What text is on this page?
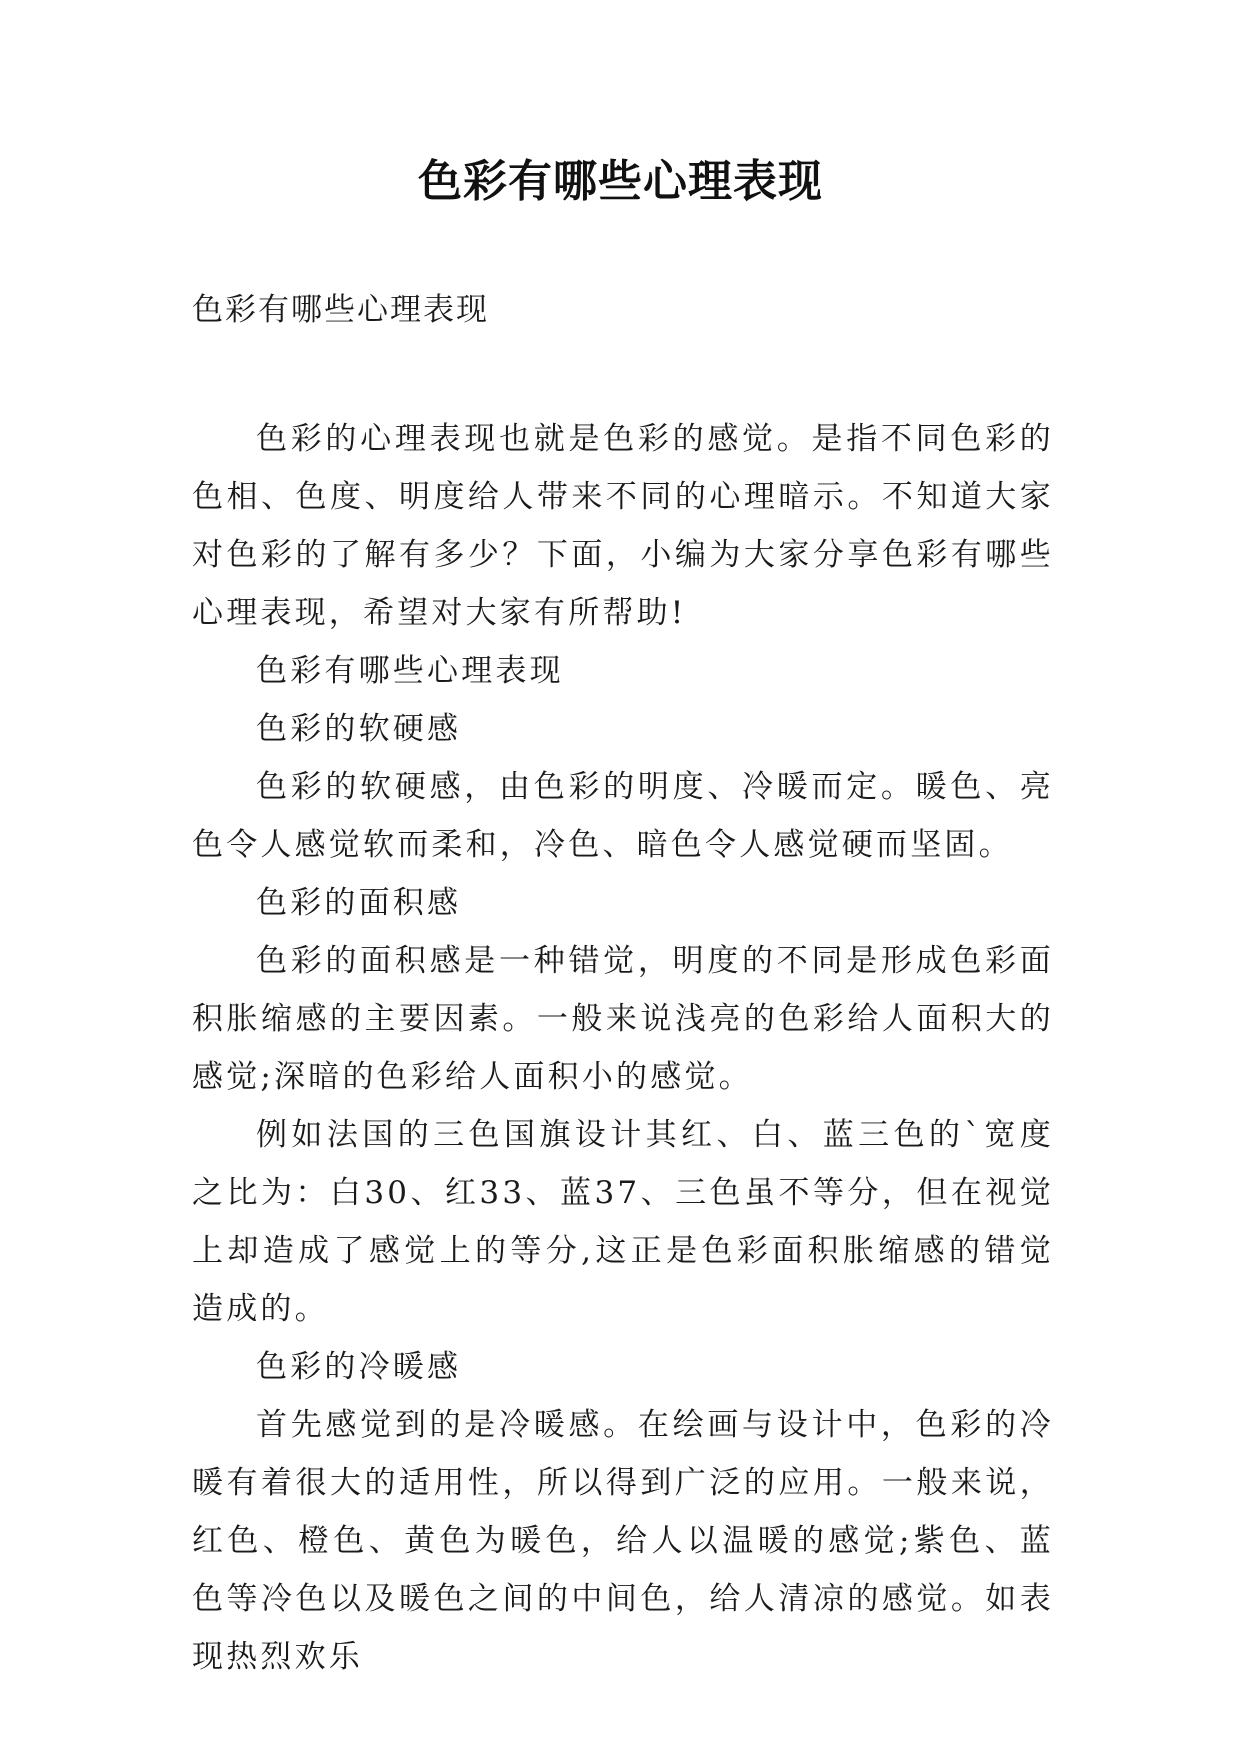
色彩有哪些心理表现

色彩有哪些心理表现

色彩的心理表现也就是色彩的感觉。是指不同色彩的色相、色度、明度给人带来不同的心理暗示。不知道大家对色彩的了解有多少？下面，小编为大家分享色彩有哪些心理表现，希望对大家有所帮助!

色彩有哪些心理表现

色彩的软硬感

色彩的软硬感，由色彩的明度、冷暖而定。暖色、亮色令人感觉软而柔和，冷色、暗色令人感觉硬而坚固。

色彩的面积感

色彩的面积感是一种错觉，明度的不同是形成色彩面积胀缩感的主要因素。一般来说浅亮的色彩给人面积大的感觉;深暗的色彩给人面积小的感觉。

例如法国的三色国旗设计其红、白、蓝三色的`宽度之比为：白30、红33、蓝37、三色虽不等分，但在视觉上却造成了感觉上的等分,这正是色彩面积胀缩感的错觉造成的。

色彩的冷暖感

首先感觉到的是冷暖感。在绘画与设计中，色彩的冷暖有着很大的适用性，所以得到广泛的应用。一般来说，红色、橙色、黄色为暖色，给人以温暖的感觉;紫色、蓝色等冷色以及暖色之间的中间色，给人清凉的感觉。如表现热烈欢乐
